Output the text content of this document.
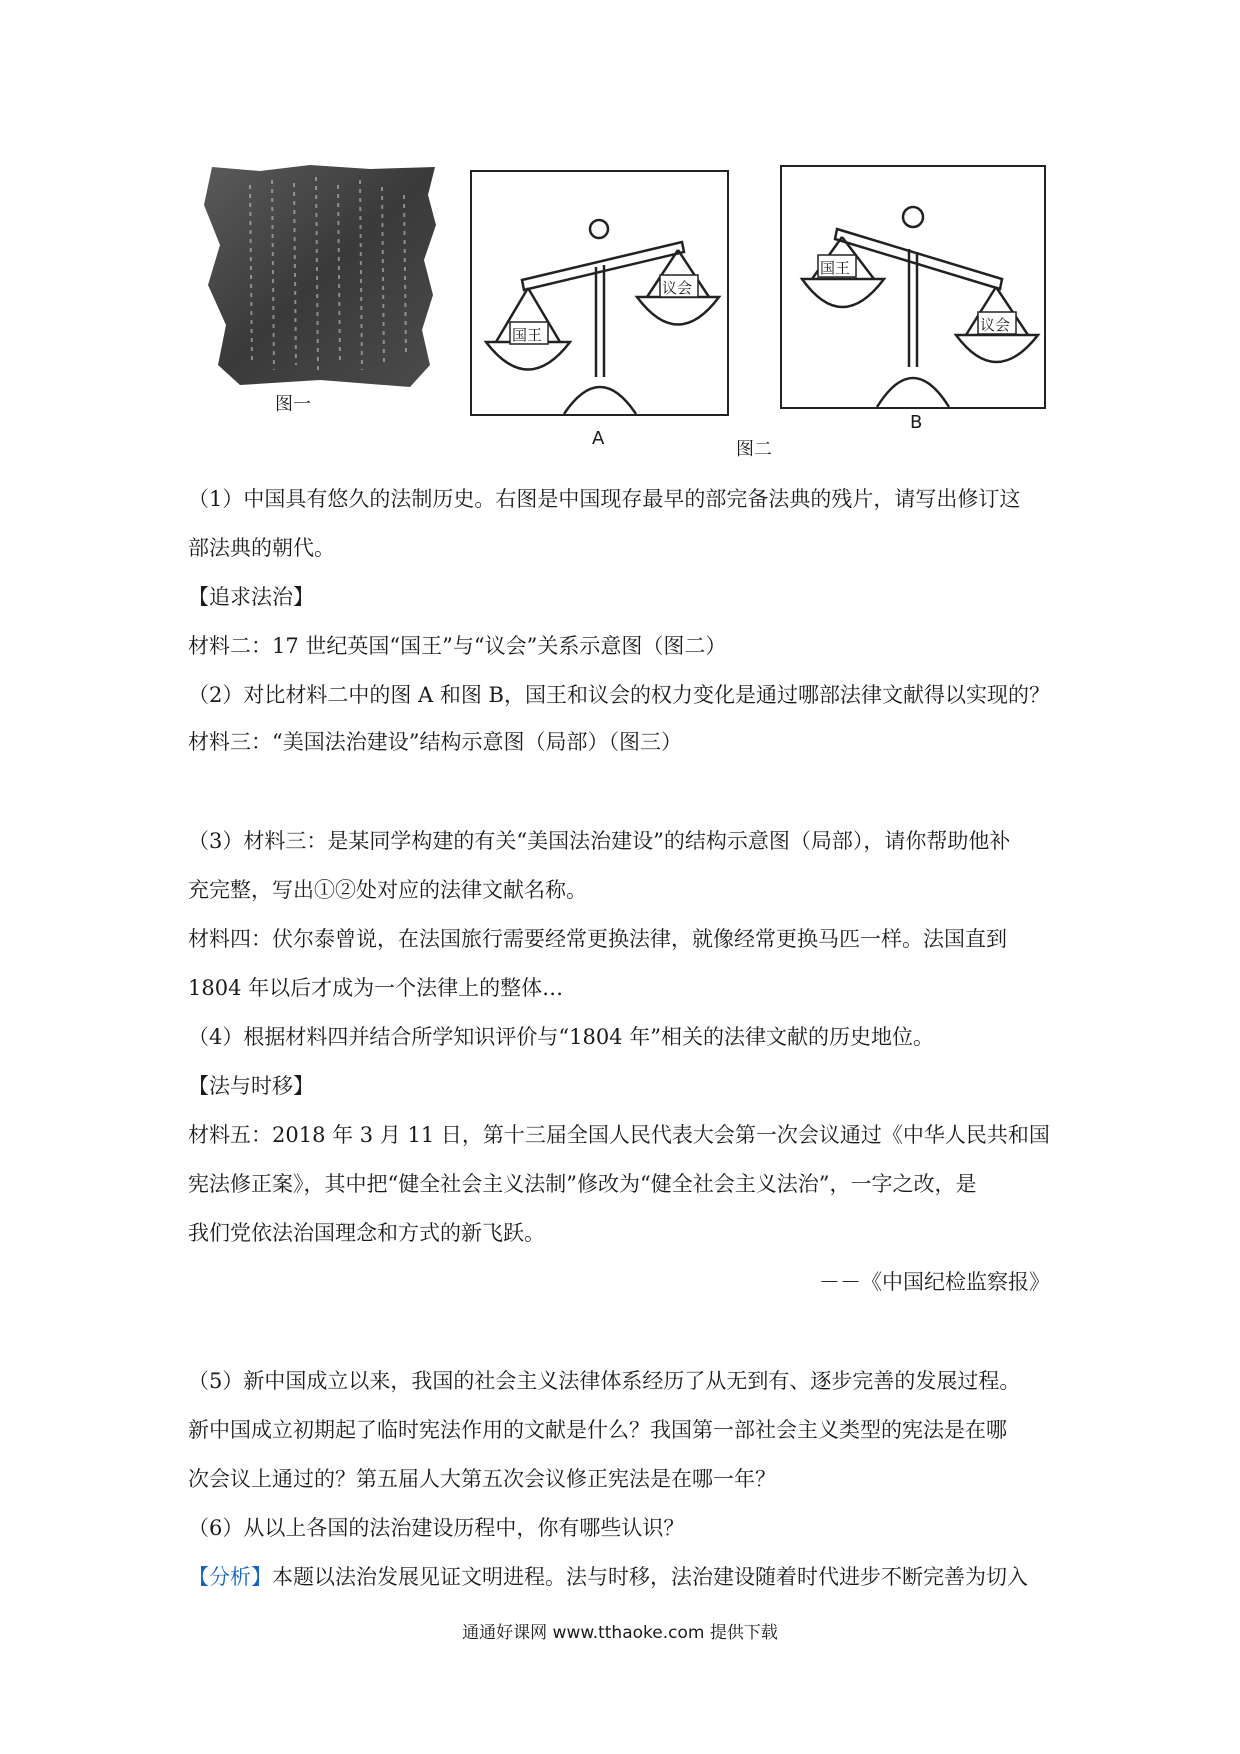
图一
国王
议会
A
国王
议会
B
图二
（1）中国具有悠久的法制历史。右图是中国现存最早的部完备法典的残片，请写出修订这
部法典的朝代。
【追求法治】
材料二：17 世纪英国“国王”与“议会”关系示意图（图二）
（2）对比材料二中的图 A 和图 B，国王和议会的权力变化是通过哪部法律文献得以实现的？
材料三：“美国法治建设”结构示意图（局部）（图三）
（3）材料三：是某同学构建的有关“美国法治建设”的结构示意图（局部），请你帮助他补
充完整，写出①②处对应的法律文献名称。
材料四：伏尔泰曾说，在法国旅行需要经常更换法律，就像经常更换马匹一样。法国直到
1804 年以后才成为一个法律上的整体…
（4）根据材料四并结合所学知识评价与“1804 年”相关的法律文献的历史地位。
【法与时移】
材料五：2018 年 3 月 11 日，第十三届全国人民代表大会第一次会议通过《中华人民共和国
宪法修正案》，其中把“健全社会主义法制”修改为“健全社会主义法治”，一字之改，是
我们党依法治国理念和方式的新飞跃。
－－《中国纪检监察报》
（5）新中国成立以来，我国的社会主义法律体系经历了从无到有、逐步完善的发展过程。
新中国成立初期起了临时宪法作用的文献是什么？我国第一部社会主义类型的宪法是在哪
次会议上通过的？第五届人大第五次会议修正宪法是在哪一年？
（6）从以上各国的法治建设历程中，你有哪些认识？
【分析】本题以法治发展见证文明进程。法与时移，法治建设随着时代进步不断完善为切入
通通好课网 www.tthaoke.com 提供下载
